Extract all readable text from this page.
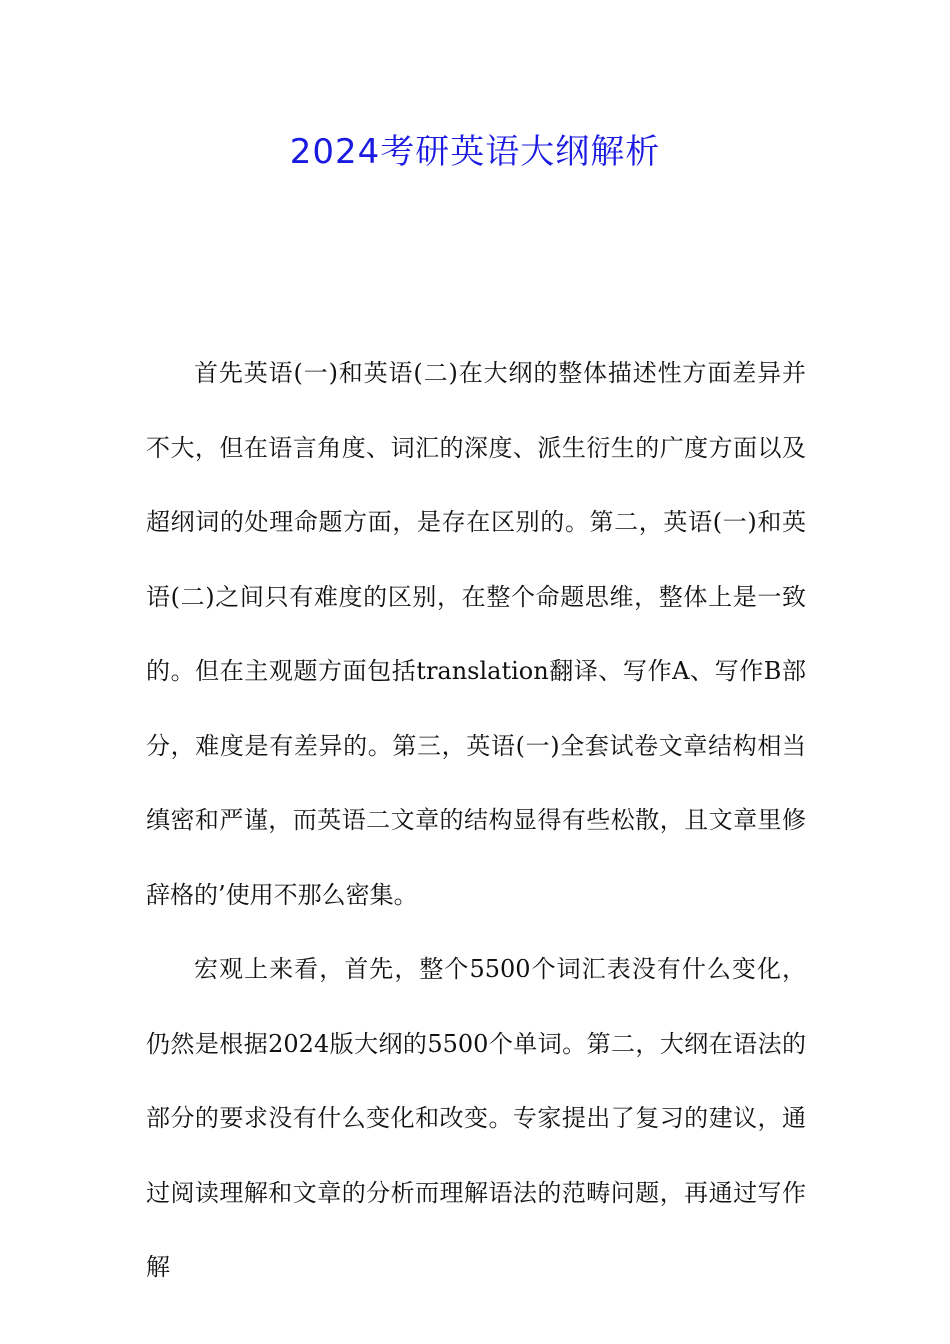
2024考研英语大纲解析

首先英语(一)和英语(二)在大纲的整体描述性方面差异并不大，但在语言角度、词汇的深度、派生衍生的广度方面以及超纲词的处理命题方面，是存在区别的。第二，英语(一)和英语(二)之间只有难度的区别，在整个命题思维，整体上是一致的。但在主观题方面包括translation翻译、写作A、写作B部分，难度是有差异的。第三，英语(一)全套试卷文章结构相当缜密和严谨，而英语二文章的结构显得有些松散，且文章里修辞格的’使用不那么密集。

宏观上来看，首先，整个5500个词汇表没有什么变化，仍然是根据2024版大纲的5500个单词。第二，大纲在语法的部分的要求没有什么变化和改变。专家提出了复习的建议，通过阅读理解和文章的分析而理解语法的范畴问题，再通过写作解
